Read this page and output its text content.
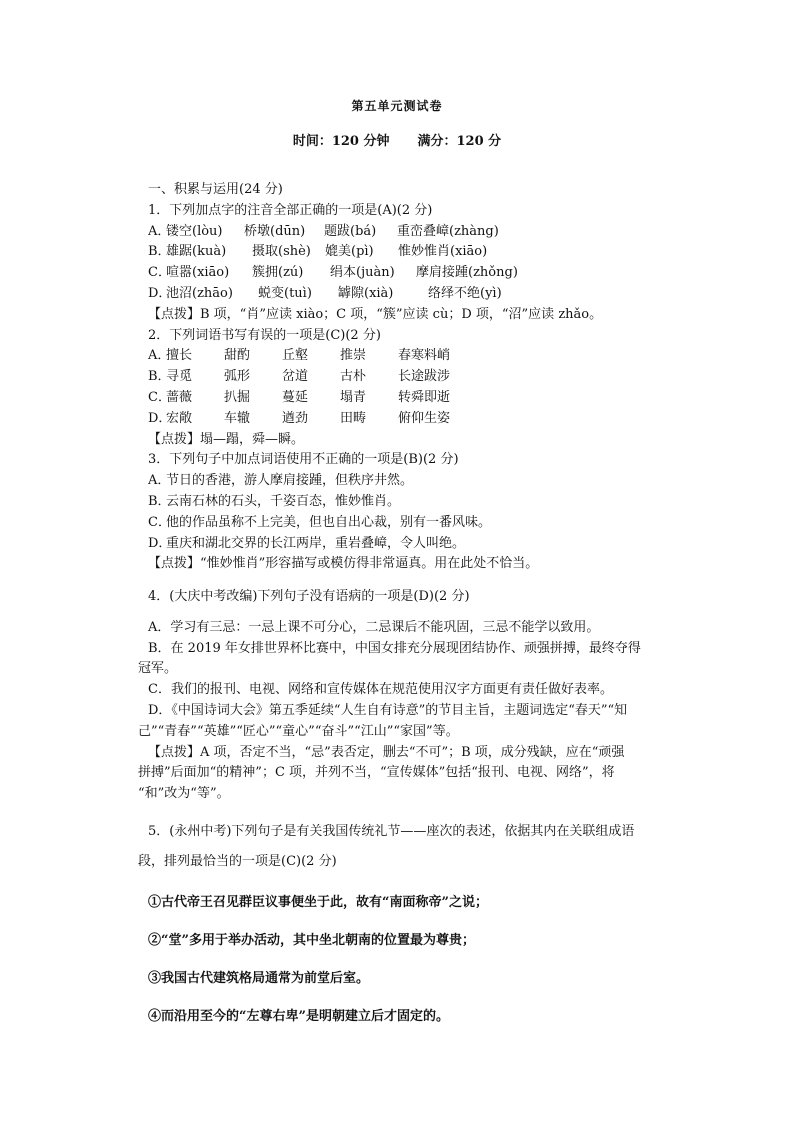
第五单元测试卷
时间：120 分钟 满分：120 分
一、积累与运用(24 分)
1．下列加点字的注音全部正确的一项是(A)(2 分)
A．
镂空(lòu)	桥墩(dūn)	题跋(bá)	重峦叠嶂(zhàng)
B．
雄踞(kuà)	摄取(shè)	媲美(pì)	惟妙惟肖(xiāo)
C．
喧嚣(xiāo)	簇拥(zú)	绢本(juàn)	摩肩接踵(zhǒng)
D．
池沼(zhāo)	蜕变(tuì)	罅隙(xià)	络绎不绝(yì)
【点拨】B 项，“肖”应读 xiào；C 项，“簇”应读 cù；D 项，“沼”应读 zhǎo。
2．下列词语书写有误的一项是(C)(2 分)
A．
擅长	甜酌	丘壑	推崇	春寒料峭
B．
寻觅	弧形	岔道	古朴	长途跋涉
C．
蔷薇	扒掘	蔓延	塌青	转舜即逝
D．
宏敞	车辙	遒劲	田畴	俯仰生姿
【点拨】塌—蹋，舜—瞬。
3．下列句子中加点词语使用不正确的一项是(B)(2 分)
A．
节日的香港，游人摩肩接踵，但秩序井然。
B．
云南石林的石头，千姿百态，惟妙惟肖。
C．
他的作品虽称不上完美，但也自出心裁，别有一番风味。
D．
重庆和湖北交界的长江两岸，重岩叠嶂，令人叫绝。
【点拨】“惟妙惟肖”形容描写或模仿得非常逼真。用在此处不恰当。
4．(大庆中考改编)下列句子没有语病的一项是(D)(2 分)
A．学习有三忌：一忌上课不可分心，二忌课后不能巩固，三忌不能学以致用。
B．在 2019 年女排世界杯比赛中，中国女排充分展现团结协作、顽强拼搏，最终夺得
冠军。
C．我们的报刊、电视、网络和宣传媒体在规范使用汉字方面更有责任做好表率。
D．《中国诗词大会》第五季延续“人生自有诗意”的节目主旨，主题词选定“春天”“知
己”“青春”“英雄”“匠心”“童心”“奋斗”“江山”“家国”等。
【点拨】A 项，否定不当，“忌”表否定，删去“不可”；B 项，成分残缺，应在“顽强
拼搏”后面加“的精神”；C 项，并列不当，“宣传媒体”包括“报刊、电视、网络”，将
“和”改为“等”。
5．(永州中考)下列句子是有关我国传统礼节——座次的表述，依据其内在关联组成语
段，排列最恰当的一项是(C)(2 分)
①古代帝王召见群臣议事便坐于此，故有“南面称帝”之说；
②“堂”多用于举办活动，其中坐北朝南的位置最为尊贵；
③我国古代建筑格局通常为前堂后室。
④而沿用至今的“左尊右卑”是明朝建立后才固定的。
